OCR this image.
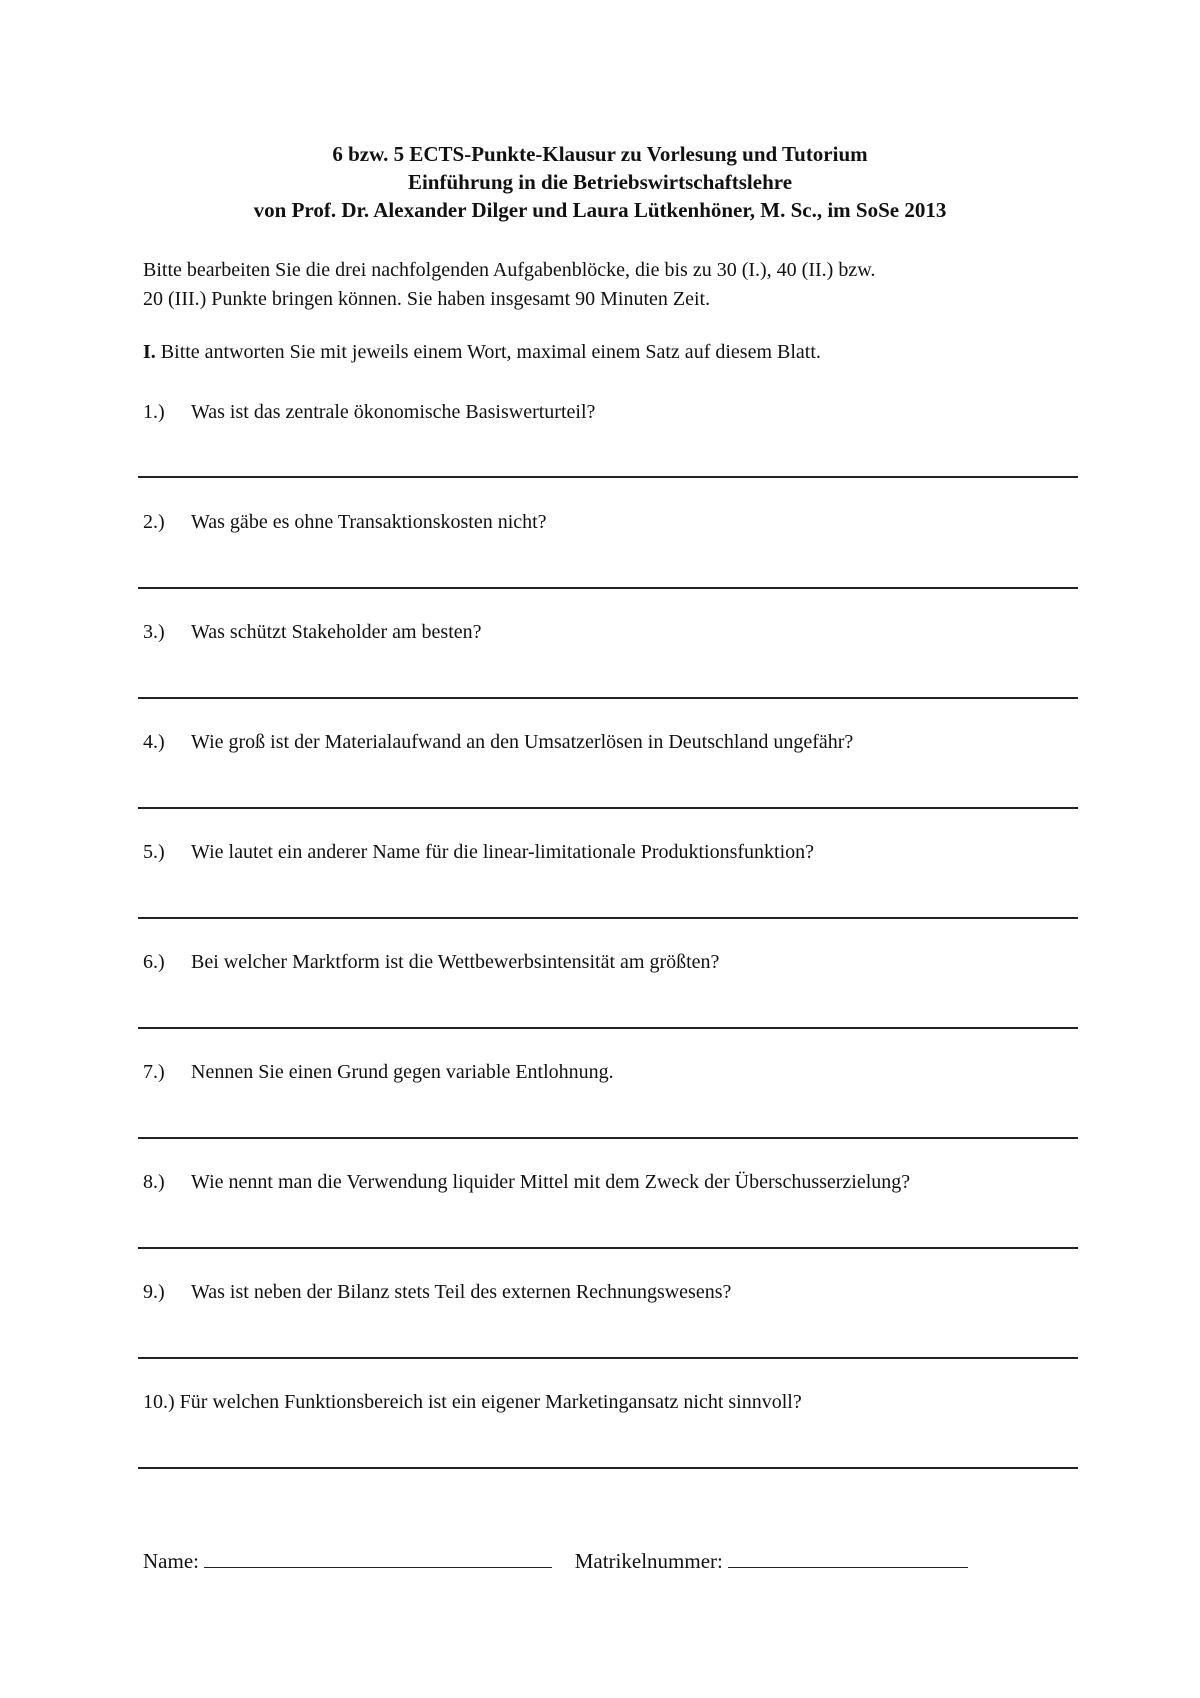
6 bzw. 5 ECTS-Punkte-Klausur zu Vorlesung und Tutorium
Einführung in die Betriebswirtschaftslehre
von Prof. Dr. Alexander Dilger und Laura Lütkenhöner, M. Sc., im SoSe 2013

Bitte bearbeiten Sie die drei nachfolgenden Aufgabenblöcke, die bis zu 30 (I.), 40 (II.) bzw.

20 (III.) Punkte bringen können. Sie haben insgesamt 90 Minuten Zeit.

I. Bitte antworten Sie mit jeweils einem Wort, maximal einem Satz auf diesem Blatt.
1.) Was ist das zentrale ökonomische Basiswerturteil?
2.) Was gäbe es ohne Transaktionskosten nicht?
3.) Was schützt Stakeholder am besten?
4.) Wie groß ist der Materialaufwand an den Umsatzerlösen in Deutschland ungefähr?
5.) Wie lautet ein anderer Name für die linear-limitationale Produktionsfunktion?
6.) Bei welcher Marktform ist die Wettbewerbsintensität am größten?
7.) Nennen Sie einen Grund gegen variable Entlohnung.
8.) Wie nennt man die Verwendung liquider Mittel mit dem Zweck der Überschusserzielung?
9.) Was ist neben der Bilanz stets Teil des externen Rechnungswesens?
10.) Für welchen Funktionsbereich ist ein eigener Marketingansatz nicht sinnvoll?
Name:	Matrikelnummer:
